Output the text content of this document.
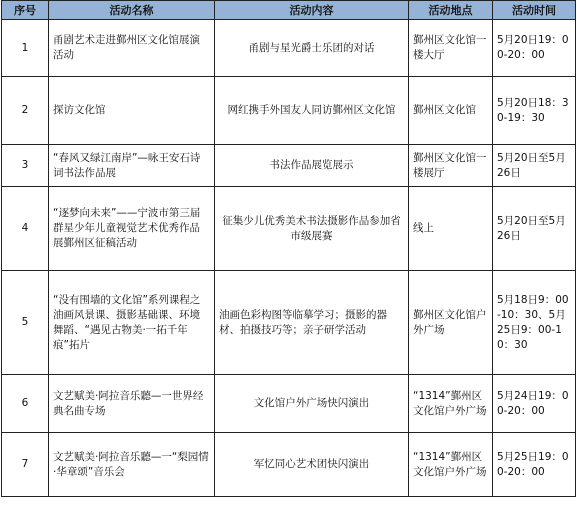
序号	活动名称	活动内容	活动地点	活动时间
1	甬剧艺术走进鄞州区文化馆展演活动	甬剧与星光爵士乐团的对话	鄞州区文化馆一楼大厅	5月20日19：00-20：00
2	探访文化馆	网红携手外国友人同访鄞州区文化馆	鄞州区文化馆	5月20日18：30-19：30
3	“春风又绿江南岸”—咏王安石诗词书法作品展	书法作品展览展示	鄞州区文化馆一楼展厅	5月20日至5月26日
4	“逐梦向未来”——宁波市第三届群星少年儿童视觉艺术优秀作品展鄞州区征稿活动	征集少儿优秀美术书法摄影作品参加省市级展赛	线上	5月20日至5月26日
5	“没有围墙的文化馆”系列课程之油画风景课、摄影基础课、环境舞蹈、“遇见古物美·一拓千年痕”拓片	油画色彩构图等临摹学习；摄影的器材、拍摄技巧等；亲子研学活动	鄞州区文化馆户外广场	5月18日9：00-10：30、5月25日9：00-10：30
6	文艺赋美·阿拉音乐聽—一世界经典名曲专场	文化馆户外广场快闪演出	“1314”鄞州区文化馆户外广场	5月24日19：00-20：00
7	文艺赋美·阿拉音乐聽—一“梨园情·华章颂”音乐会	军忆同心艺术团快闪演出	“1314”鄞州区文化馆户外广场	5月25日19：00-20：00
